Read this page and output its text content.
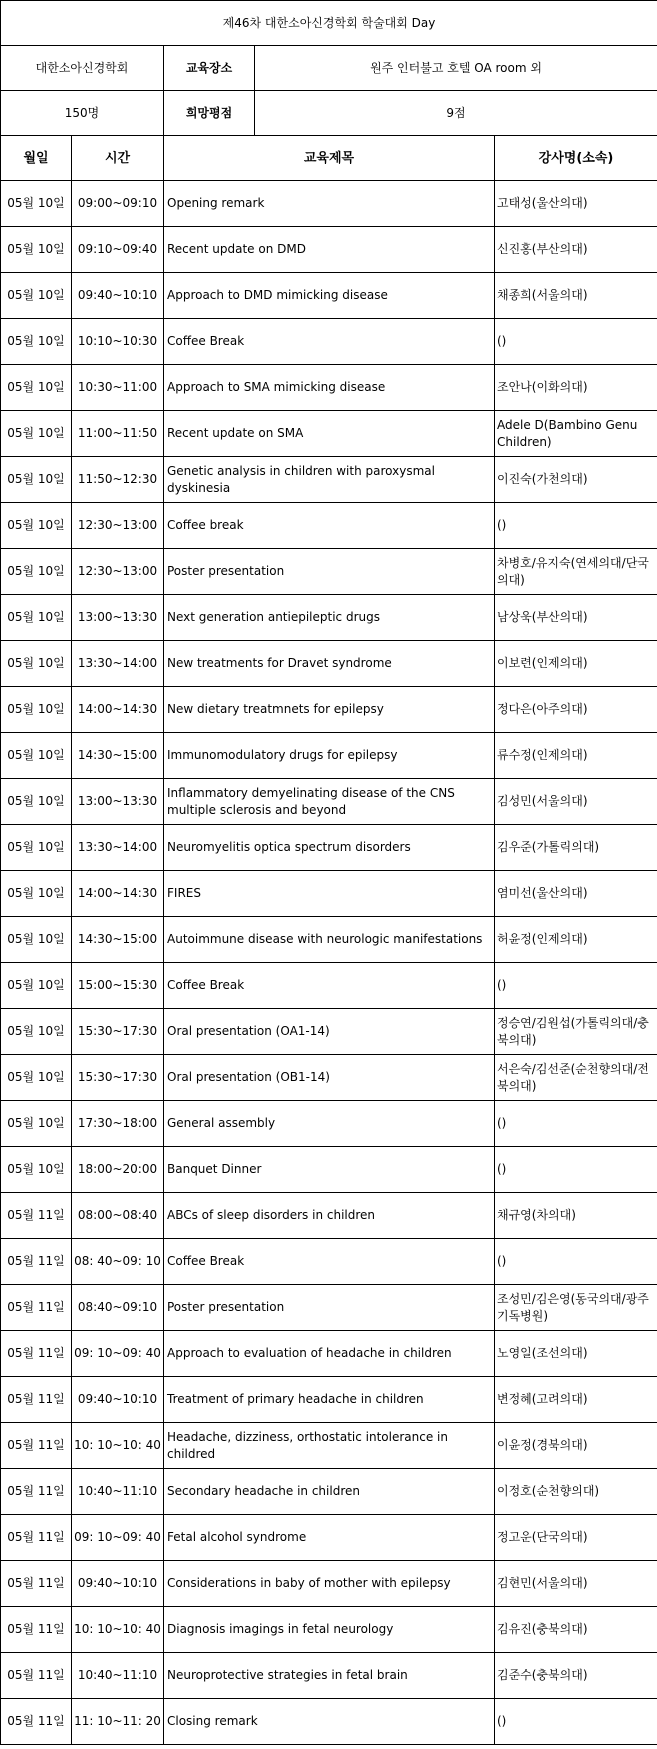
제46차 대한소아신경학회 학술대회 Day
대한소아신경학회		교육장소	원주 인터불고 호텔 OA room 외

150명		희망평점	9점

월일	시간	교육제목	강사명(소속)
05월 10일	09:00~09:10	Opening remark	고태성(울산의대)
05월 10일	09:10~09:40	Recent update on DMD	신진홍(부산의대)
05월 10일	09:40~10:10	Approach to DMD mimicking disease	채종희(서울의대)
05월 10일	10:10~10:30	Coffee Break	()
05월 10일	10:30~11:00	Approach to SMA mimicking disease	조안나(이화의대)
05월 10일	11:00~11:50	Recent update on SMA	Adele D(Bambino Genu Children)
05월 10일	11:50~12:30	Genetic analysis in children with paroxysmal dyskinesia	이진숙(가천의대)
05월 10일	12:30~13:00	Coffee break	()
05월 10일	12:30~13:00	Poster presentation	차병호/유지숙(연세의대/단국의대)
05월 10일	13:00~13:30	Next generation antiepileptic drugs	남상욱(부산의대)
05월 10일	13:30~14:00	New treatments for Dravet syndrome	이보련(인제의대)
05월 10일	14:00~14:30	New dietary treatmnets for epilepsy	정다은(아주의대)
05월 10일	14:30~15:00	Immunomodulatory drugs for epilepsy	류수정(인제의대)
05월 10일	13:00~13:30	Inflammatory demyelinating disease of the CNS multiple sclerosis and beyond	김성민(서울의대)
05월 10일	13:30~14:00	Neuromyelitis optica spectrum disorders	김우준(가톨릭의대)
05월 10일	14:00~14:30	FIRES	염미선(울산의대)
05월 10일	14:30~15:00	Autoimmune disease with neurologic manifestations	허윤정(인제의대)
05월 10일	15:00~15:30	Coffee Break	()
05월 10일	15:30~17:30	Oral presentation (OA1-14)	정승연/김원섭(가톨릭의대/충북의대)
05월 10일	15:30~17:30	Oral presentation (OB1-14)	서은숙/김선준(순천향의대/전북의대)
05월 10일	17:30~18:00	General assembly	()
05월 10일	18:00~20:00	Banquet Dinner	()
05월 11일	08:00~08:40	ABCs of sleep disorders in children	채규영(차의대)
05월 11일	08: 40~09: 10	Coffee Break	()
05월 11일	08:40~09:10	Poster presentation	조성민/김은영(동국의대/광주기독병원)
05월 11일	09: 10~09: 40	Approach to evaluation of headache in children	노영일(조선의대)
05월 11일	09:40~10:10	Treatment of primary headache in children	변정혜(고려의대)
05월 11일	10: 10~10: 40	Headache, dizziness, orthostatic intolerance in childred	이윤정(경북의대)
05월 11일	10:40~11:10	Secondary headache in children	이정호(순천향의대)
05월 11일	09: 10~09: 40	Fetal alcohol syndrome	정고운(단국의대)
05월 11일	09:40~10:10	Considerations in baby of mother with epilepsy	김현민(서울의대)
05월 11일	10: 10~10: 40	Diagnosis imagings in fetal neurology	김유진(충북의대)
05월 11일	10:40~11:10	Neuroprotective strategies in fetal brain	김준수(충북의대)
05월 11일	11: 10~11: 20	Closing remark	()
